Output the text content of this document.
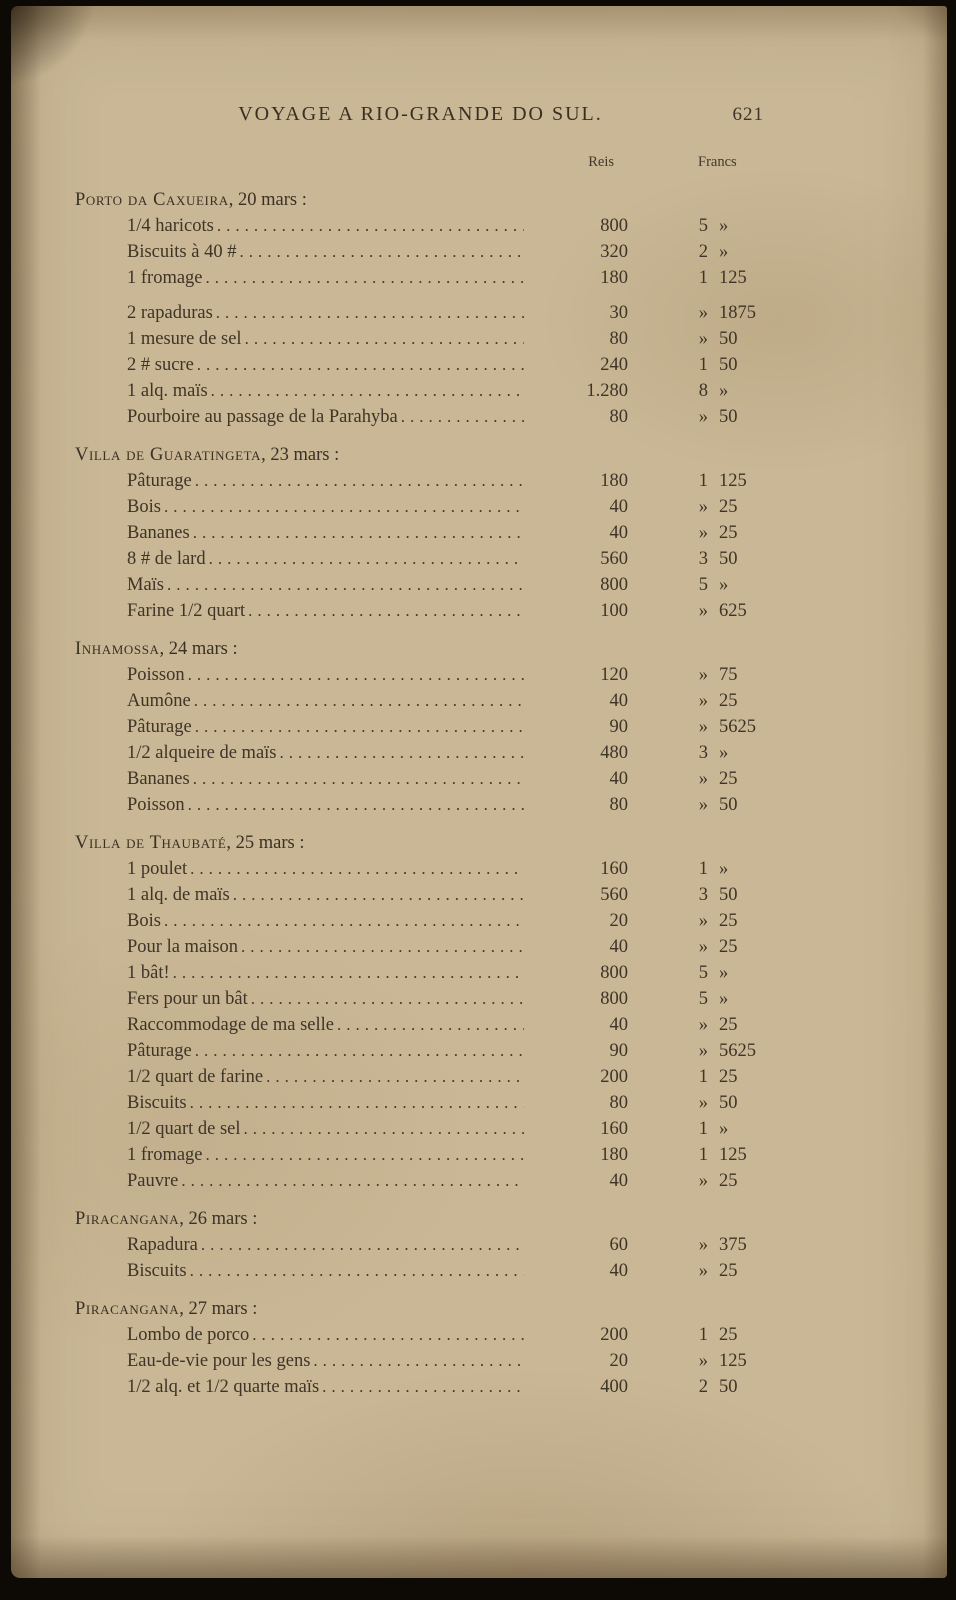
VOYAGE A RIO-GRANDE DO SUL.	621
Reis	Francs
Porto da Caxueira, 20 mars :
1/4 haricots .....	800	5 »
Biscuits à 40 # .....	320	2 »
1 fromage .....	180	1 125
2 rapaduras .....	30	» 1875
1 mesure de sel .....	80	» 50
2 # sucre .....	240	1 50
1 alq. maïs .....	1.280	8 »
Pourboire au passage de la Parahyba .....	80	» 50
Villa de Guaratingeta, 23 mars :
Pâturage .....	180	1 125
Bois .....	40	» 25
Bananes .....	40	» 25
8 # de lard .....	560	3 50
Maïs .....	800	5 »
Farine 1/2 quart .....	100	» 625
Inhamossa, 24 mars :
Poisson .....	120	» 75
Aumône .....	40	» 25
Pâturage .....	90	» 5625
1/2 alqueire de maïs .....	480	3 »
Bananes .....	40	» 25
Poisson .....	80	» 50
Villa de Thaubaté, 25 mars :
1 poulet .....	160	1 »
1 alq. de maïs .....	560	3 50
Bois .....	20	» 25
Pour la maison .....	40	» 25
1 bât! .....	800	5 »
Fers pour un bât .....	800	5 »
Raccommodage de ma selle .....	40	» 25
Pâturage .....	90	» 5625
1/2 quart de farine .....	200	1 25
Biscuits .....	80	» 50
1/2 quart de sel .....	160	1 »
1 fromage .....	180	1 125
Pauvre .....	40	» 25
Piracangana, 26 mars :
Rapadura .....	60	» 375
Biscuits .....	40	» 25
Piracangana, 27 mars :
Lombo de porco .....	200	1 25
Eau-de-vie pour les gens .....	20	» 125
1/2 alq. et 1/2 quarte maïs .....	400	2 50
